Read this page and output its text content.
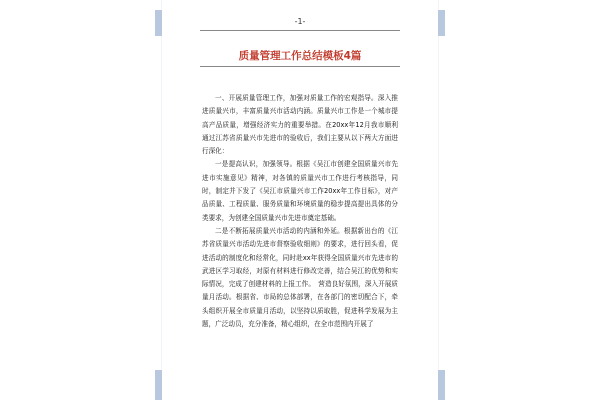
-1-
质量管理工作总结模板4篇

一、开展质量管理工作，加强对质量工作的宏观指导。深入推进质量兴市，丰富质量兴市活动内涵。质量兴市工作是一个城市提高产品质量，增强经济实力的重要举措。在20xx年12月我市顺利通过江苏省质量兴市先进市的验收后，我们主要从以下两大方面进行深化：

一是提高认识，加强领导。根据《吴江市创建全国质量兴市先进市实施意见》精神，对各镇的质量兴市工作进行考核指导，同时，制定并下发了《吴江市质量兴市工作20xx年工作目标》，对产品质量、工程质量、服务质量和环境质量的稳步提高提出具体的分类要求，为创建全国质量兴市先进市奠定基础。

二是不断拓展质量兴市活动的内涵和外延。根据新出台的《江苏省质量兴市活动先进市督察验收细则》的要求，进行回头看，促进活动的制度化和经常化，同时赴xx年获得全国质量兴市先进市的武进区学习取经，对原有材料进行修改完善，结合吴江的优势和实际情况，完成了创建材料的上报工作。　营造良好氛围，深入开展质量月活动。根据省、市局的总体部署，在各部门的密切配合下，牵头组织开展全市质量月活动，以坚持以质取胜，促进科学发展为主题，广泛动员，充分准备，精心组织，在全市范围内开展了
